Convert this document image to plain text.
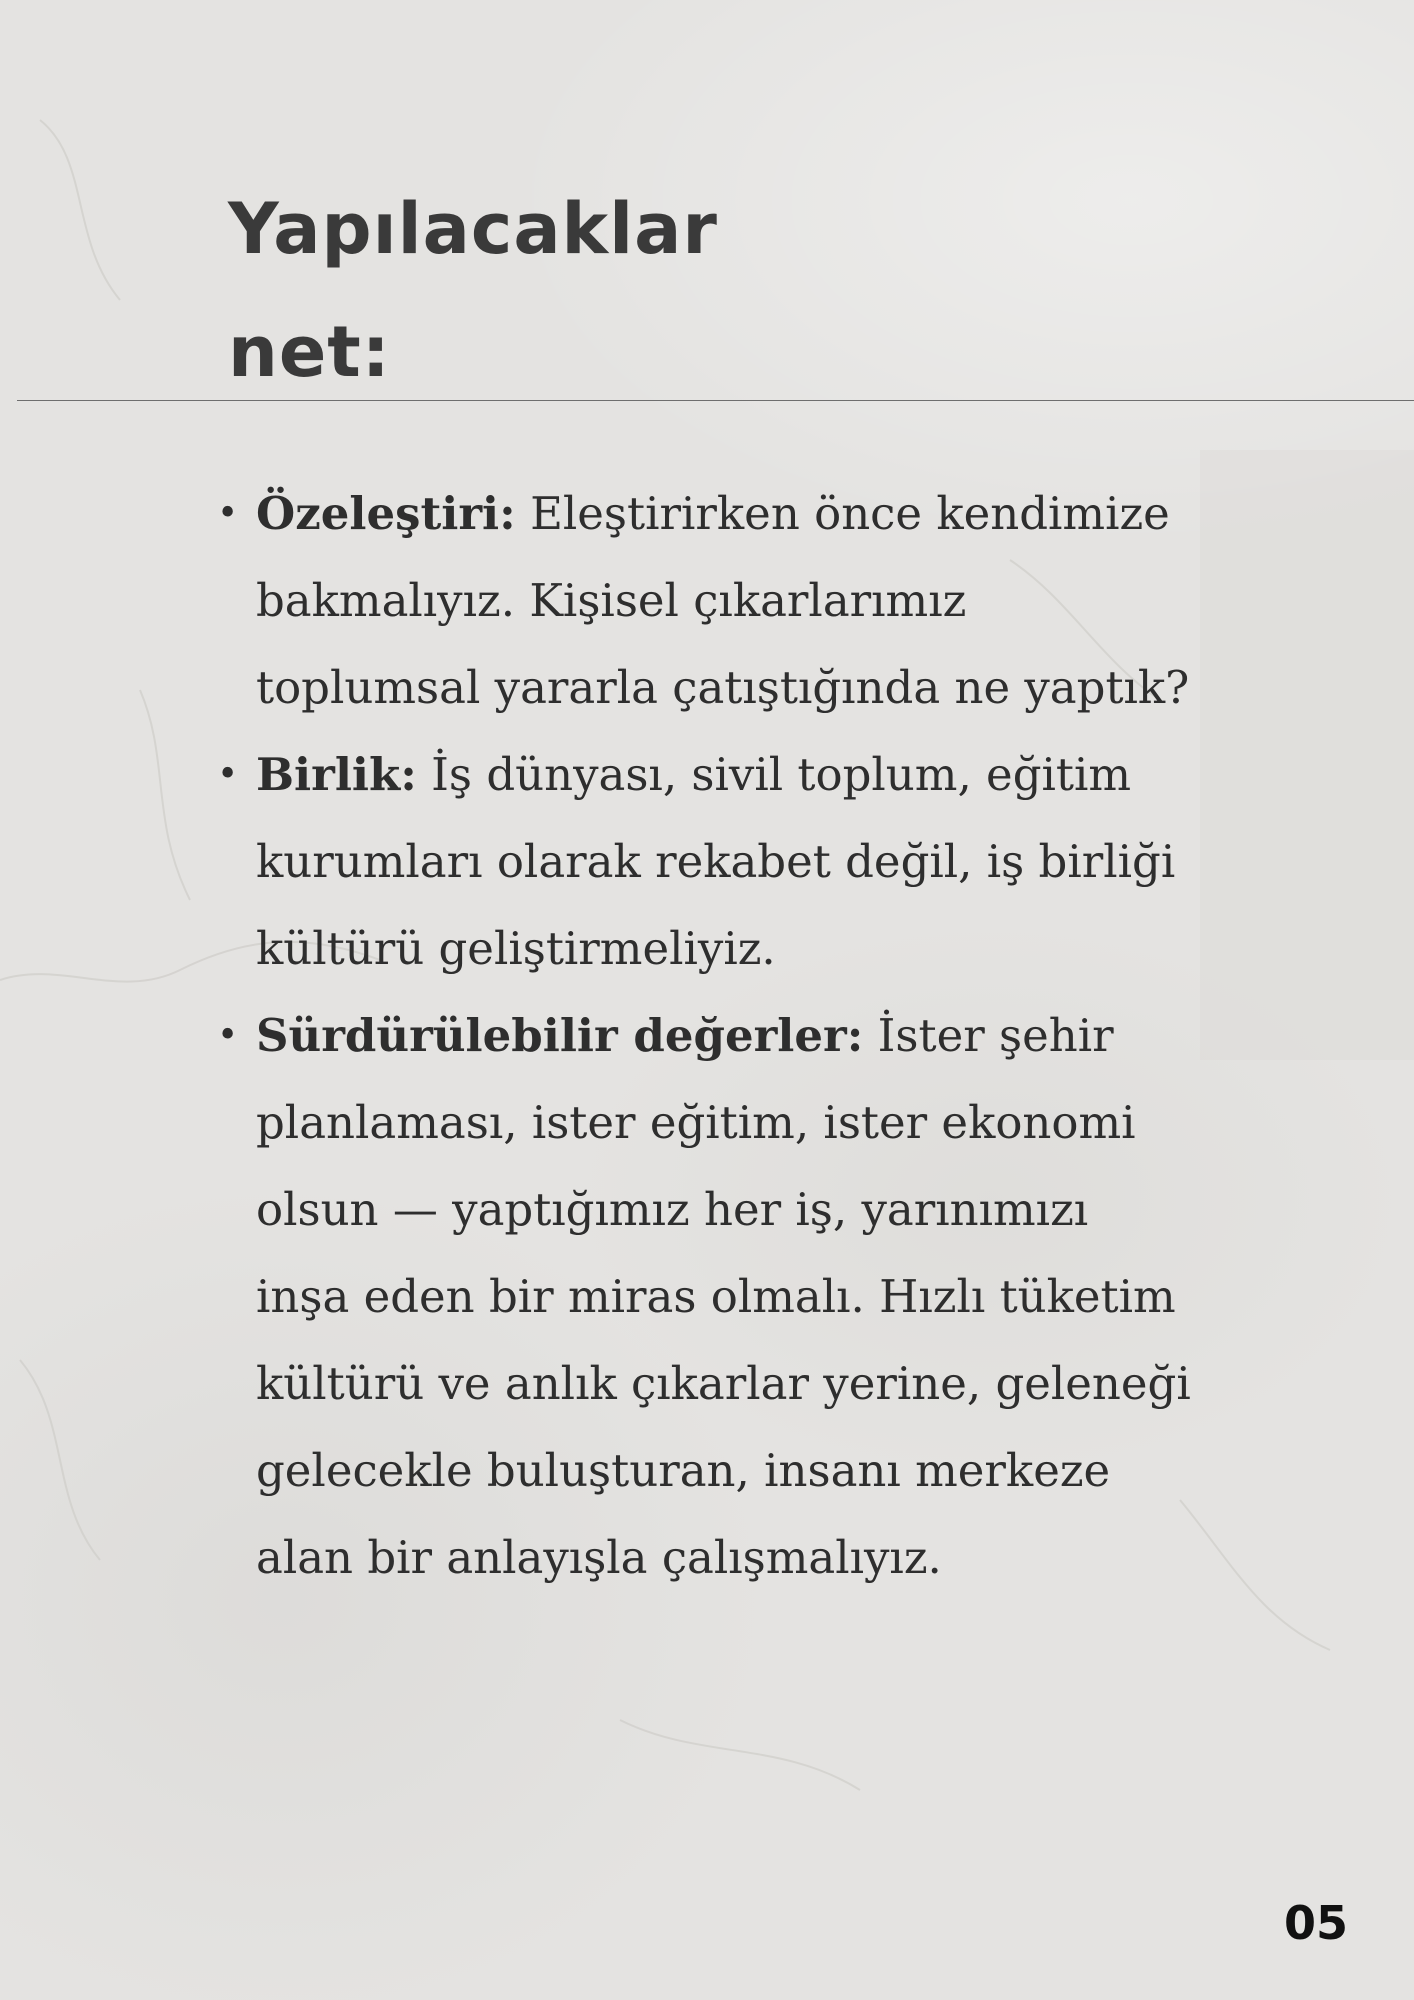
Yapılacaklar
net:
• Özeleştiri: Eleştirirken önce kendimize
bakmalıyız. Kişisel çıkarlarımız
toplumsal yararla çatıştığında ne yaptık?
• Birlik: İş dünyası, sivil toplum, eğitim
kurumları olarak rekabet değil, iş birliği
kültürü geliştirmeliyiz.
• Sürdürülebilir değerler: İster şehir
planlaması, ister eğitim, ister ekonomi
olsun — yaptığımız her iş, yarınımızı
inşa eden bir miras olmalı. Hızlı tüketim
kültürü ve anlık çıkarlar yerine, geleneği
gelecekle buluşturan, insanı merkeze
alan bir anlayışla çalışmalıyız.
05
